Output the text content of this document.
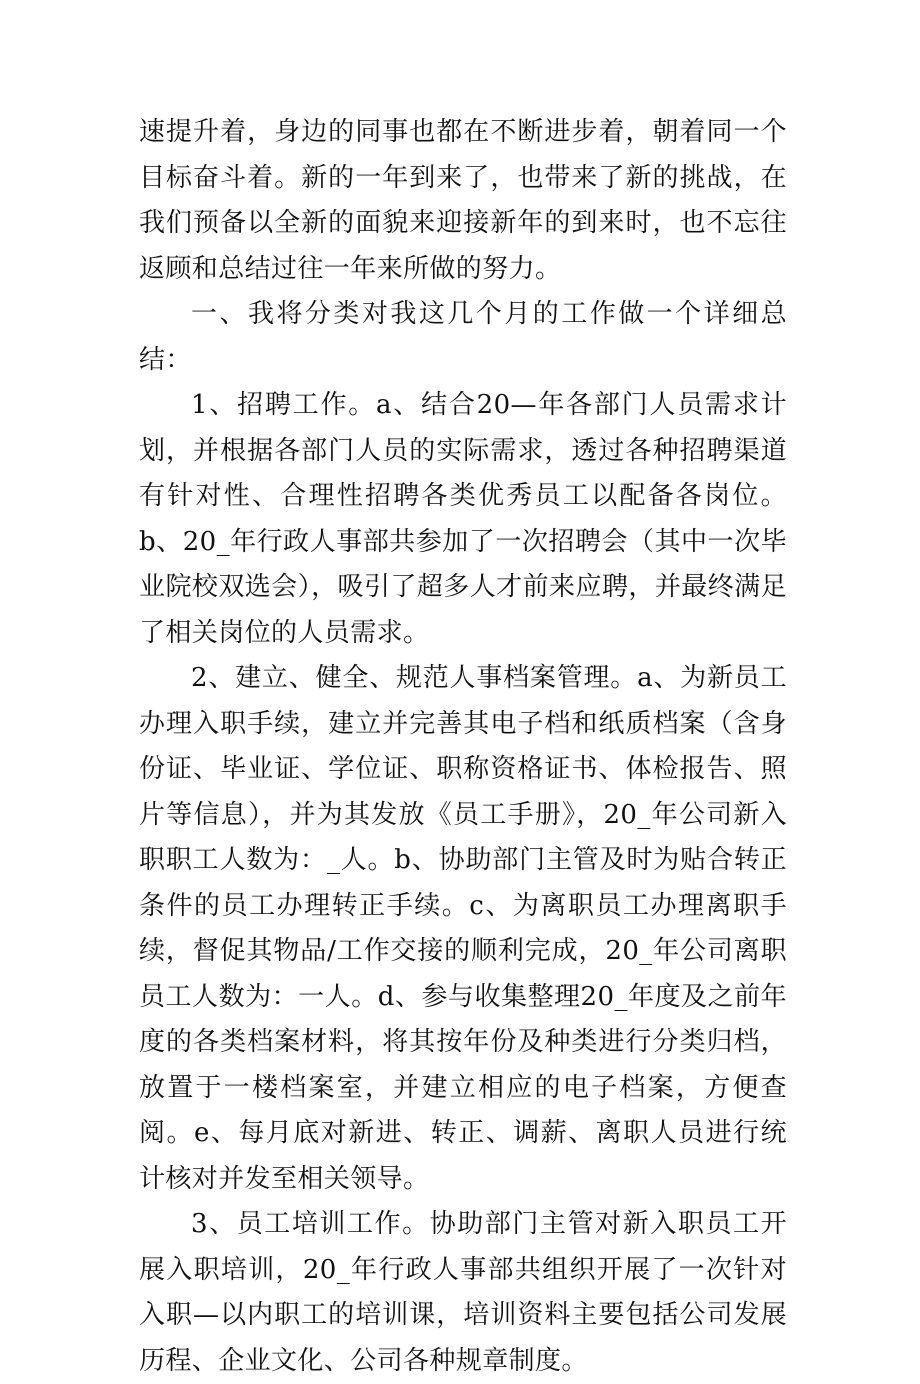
速提升着，身边的同事也都在不断进步着，朝着同一个目标奋斗着。新的一年到来了，也带来了新的挑战，在我们预备以全新的面貌来迎接新年的到来时，也不忘往返顾和总结过往一年来所做的努力。

一、我将分类对我这几个月的工作做一个详细总结：

1、招聘工作。a、结合20—年各部门人员需求计划，并根据各部门人员的实际需求，透过各种招聘渠道有针对性、合理性招聘各类优秀员工以配备各岗位。b、20_年行政人事部共参加了一次招聘会（其中一次毕业院校双选会），吸引了超多人才前来应聘，并最终满足了相关岗位的人员需求。

2、建立、健全、规范人事档案管理。a、为新员工办理入职手续，建立并完善其电子档和纸质档案（含身份证、毕业证、学位证、职称资格证书、体检报告、照片等信息），并为其发放《员工手册》，20_年公司新入职职工人数为：_人。b、协助部门主管及时为贴合转正条件的员工办理转正手续。c、为离职员工办理离职手续，督促其物品/工作交接的顺利完成，20_年公司离职员工人数为：一人。d、参与收集整理20_年度及之前年度的各类档案材料，将其按年份及种类进行分类归档，放置于一楼档案室，并建立相应的电子档案，方便查阅。e、每月底对新进、转正、调薪、离职人员进行统计核对并发至相关领导。

3、员工培训工作。协助部门主管对新入职员工开展入职培训，20_年行政人事部共组织开展了一次针对入职—以内职工的培训课，培训资料主要包括公司发展历程、企业文化、公司各种规章制度。
